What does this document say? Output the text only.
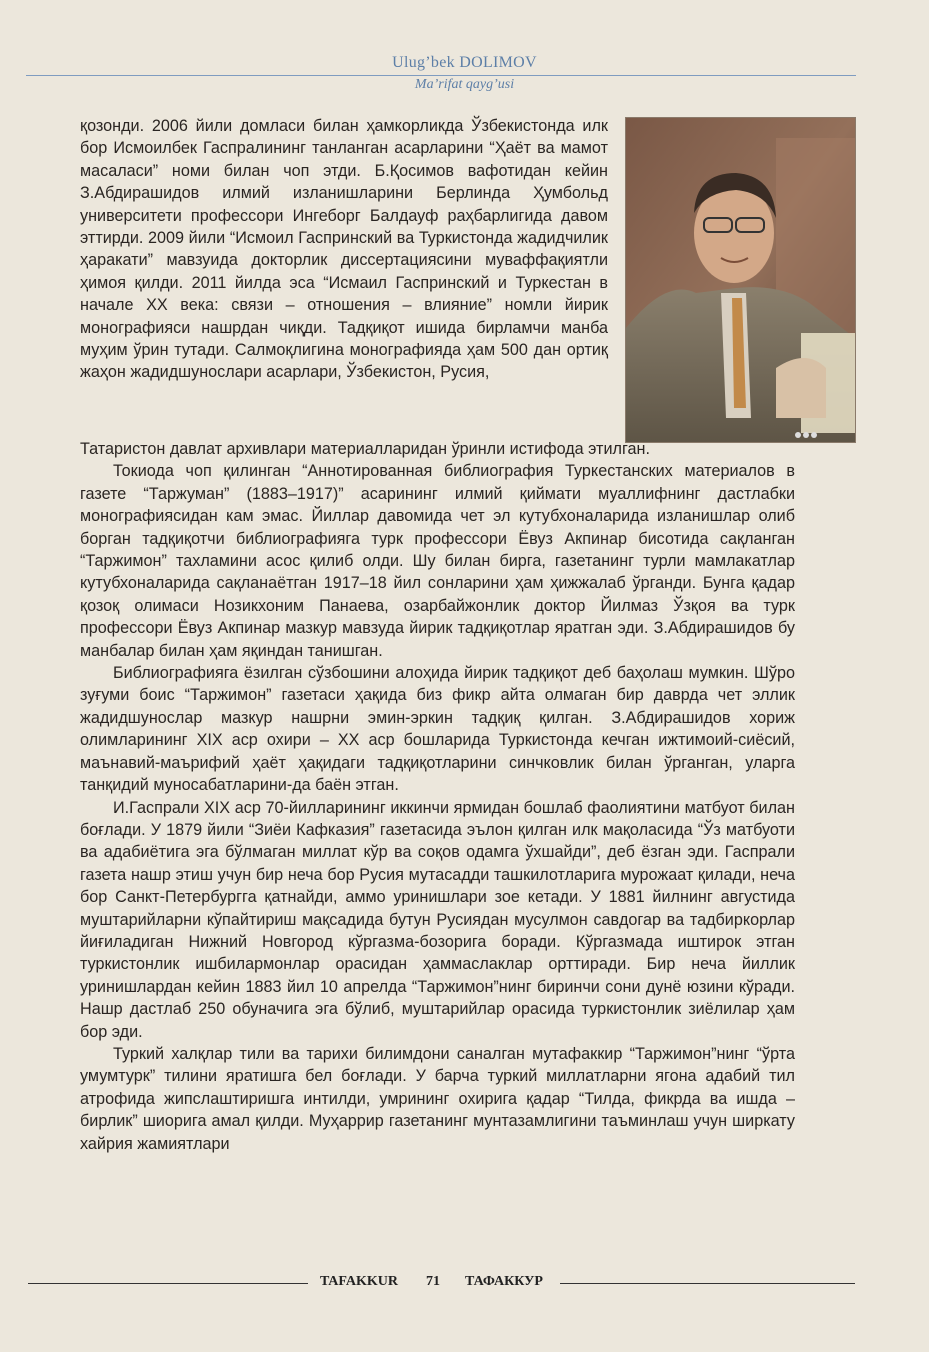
Ulug’bek DOLIMOV
Ma’rifat qayg’usi

қозонди. 2006 йили домласи билан ҳамкорликда Ўзбекистонда илк бор Исмоилбек Гаспралининг танланган асарларини “Ҳаёт ва мамот масаласи” номи билан чоп этди. Б.Қосимов вафотидан кейин З.Абдирашидов илмий изланишларини Берлинда Ҳумбольд университети профессори Ингеборг Балдауф раҳбарлигида давом эттирди. 2009 йили “Исмоил Гаспринский ва Туркистонда жадидчилик ҳаракати” мавзуида докторлик диссертациясини муваффақиятли ҳимоя қилди. 2011 йилда эса “Исмаил Гаспринский и Туркестан в начале XX века: связи – отношения – влияние” номли йирик монографияси нашрдан чиқди. Тадқиқот ишида бирламчи манба муҳим ўрин тутади. Салмоқлигина монографияда ҳам 500 дан ортиқ жаҳон жадидшунослари асарлари, Ўзбекистон, Русия,

Татаристон давлат архивлари материалларидан ўринли истифода этилган.

Токиода чоп қилинган “Аннотированная библиография Туркестанских материалов в газете “Таржуман” (1883–1917)” асарининг илмий қиймати муаллифнинг дастлабки монографиясидан кам эмас. Йиллар давомида чет эл кутубхоналарида изланишлар олиб борган тадқиқотчи библиографияга турк профессори Ёвуз Акпинар бисотида сақланган “Таржимон” тахламини асос қилиб олди. Шу билан бирга, газетанинг турли мамлакатлар кутубхоналарида сақланаётган 1917–18 йил сонларини ҳам ҳижжалаб ўрганди. Бунга қадар қозоқ олимаси Нозикхоним Панаева, озарбайжонлик доктор Йилмаз Ўзқоя ва турк профессори Ёвуз Акпинар мазкур мавзуда йирик тадқиқотлар яратган эди. З.Абдирашидов бу манбалар билан ҳам яқиндан танишган.

Библиографияга ёзилган сўзбошини алоҳида йирик тадқиқот деб баҳолаш мумкин. Шўро зуғуми боис “Таржимон” газетаси ҳақида биз фикр айта олмаган бир даврда чет эллик жадидшунослар мазкур нашрни эмин-эркин тадқиқ қилган. З.Абдирашидов хориж олимларининг XIX аср охири – XX аср бошларида Туркистонда кечган ижтимоий-сиёсий, маънавий-маърифий ҳаёт ҳақидаги тадқиқотларини синчковлик билан ўрганган, уларга танқидий муносабатларини-да баён этган.

И.Гаспрали XIX аср 70-йилларининг иккинчи ярмидан бошлаб фаолиятини матбуот билан боғлади. У 1879 йили “Зиёи Кафказия” газетасида эълон қилган илк мақоласида “Ўз матбуоти ва адабиётига эга бўлмаган миллат кўр ва соқов одамга ўхшайди”, деб ёзган эди. Гаспрали газета нашр этиш учун бир неча бор Русия мутасадди ташкилотларига мурожаат қилади, неча бор Санкт-Петербургга қатнайди, аммо уринишлари зое кетади. У 1881 йилнинг августида муштарийларни кўпайтириш мақсадида бутун Русиядан мусулмон савдогар ва тадбиркорлар йиғиладиган Нижний Новгород кўргазма-бозорига боради. Кўргазмада иштирок этган туркистонлик ишбилармонлар орасидан ҳаммаслаклар орттиради. Бир неча йиллик уринишлардан кейин 1883 йил 10 апрелда “Таржимон”нинг биринчи сони дунё юзини кўради. Нашр дастлаб 250 обуначига эга бўлиб, муштарийлар орасида туркистонлик зиёлилар ҳам бор эди.

Туркий халқлар тили ва тарихи билимдони саналган мутафаккир “Таржимон”нинг “ўрта умумтурк” тилини яратишга бел боғлади. У барча туркий миллатларни ягона адабий тил атрофида жипслаштиришга интилди, умрининг охирига қадар “Тилда, фикрда ва ишда – бирлик” шиорига амал қилди. Муҳаррир газетанинг мунтазамлигини таъминлаш учун ширкату хайрия жамиятлари

TAFAKKUR 71 ТАФАККУР
